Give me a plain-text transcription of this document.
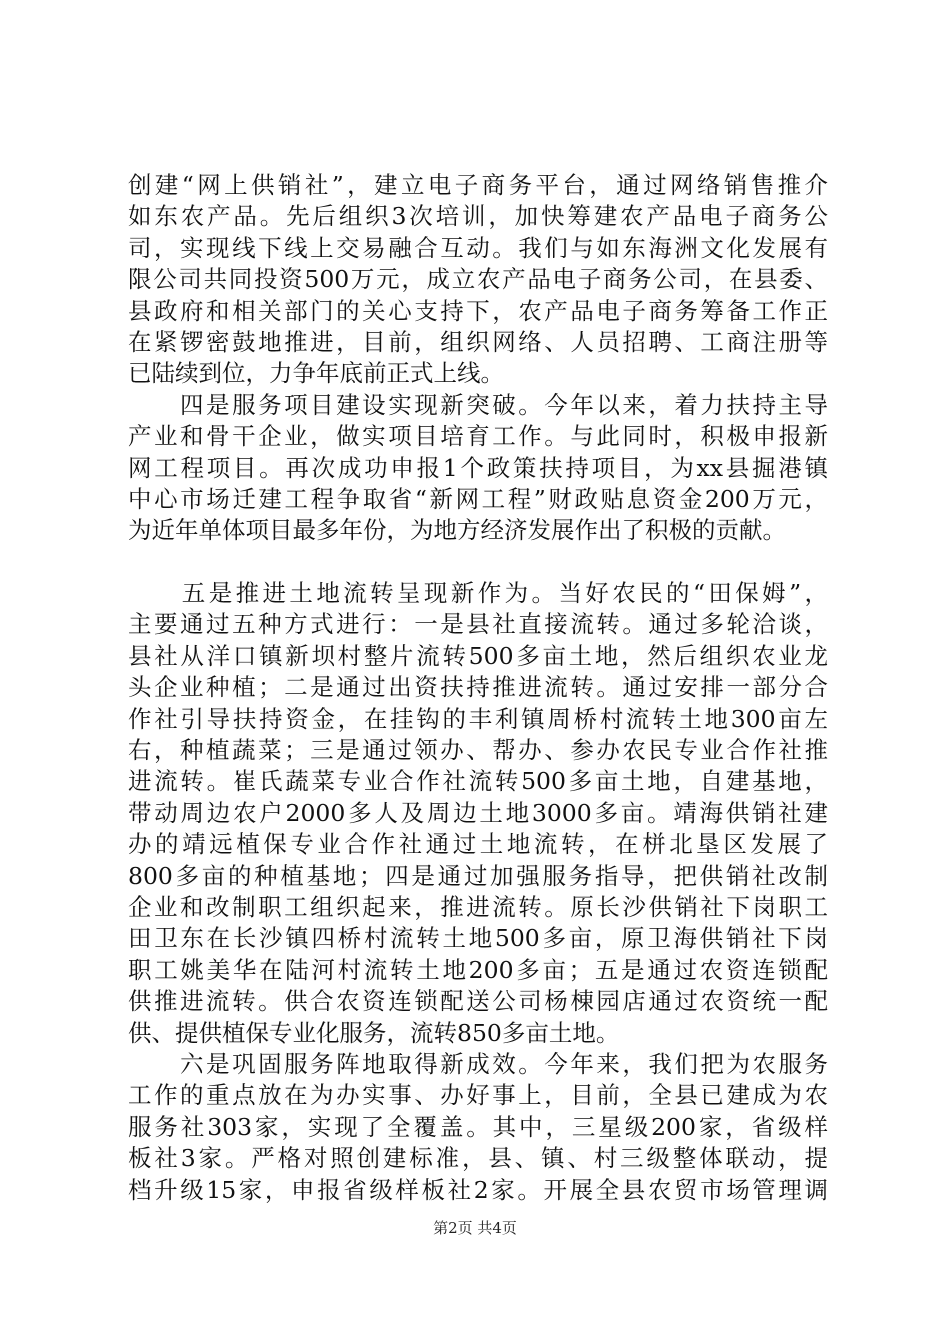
创建“网上供销社”，建立电子商务平台，通过网络销售推介
如东农产品。先后组织3次培训，加快筹建农产品电子商务公
司，实现线下线上交易融合互动。我们与如东海洲文化发展有
限公司共同投资500万元，成立农产品电子商务公司，在县委、
县政府和相关部门的关心支持下，农产品电子商务筹备工作正
在紧锣密鼓地推进，目前，组织网络、人员招聘、工商注册等
已陆续到位，力争年底前正式上线。
　　四是服务项目建设实现新突破。今年以来，着力扶持主导
产业和骨干企业，做实项目培育工作。与此同时，积极申报新
网工程项目。再次成功申报1个政策扶持项目，为xx县掘港镇
中心市场迁建工程争取省“新网工程”财政贴息资金200万元，
为近年单体项目最多年份，为地方经济发展作出了积极的贡献。
　　五是推进土地流转呈现新作为。当好农民的“田保姆”，
主要通过五种方式进行：一是县社直接流转。通过多轮洽谈，
县社从洋口镇新坝村整片流转500多亩土地，然后组织农业龙
头企业种植；二是通过出资扶持推进流转。通过安排一部分合
作社引导扶持资金，在挂钩的丰利镇周桥村流转土地300亩左
右，种植蔬菜；三是通过领办、帮办、参办农民专业合作社推
进流转。崔氏蔬菜专业合作社流转500多亩土地，自建基地，
带动周边农户2000多人及周边土地3000多亩。靖海供销社建
办的靖远植保专业合作社通过土地流转，在栟北垦区发展了
800多亩的种植基地；四是通过加强服务指导，把供销社改制
企业和改制职工组织起来，推进流转。原长沙供销社下岗职工
田卫东在长沙镇四桥村流转土地500多亩，原卫海供销社下岗
职工姚美华在陆河村流转土地200多亩；五是通过农资连锁配
供推进流转。供合农资连锁配送公司杨棟园店通过农资统一配
供、提供植保专业化服务，流转850多亩土地。
　　六是巩固服务阵地取得新成效。今年来，我们把为农服务
工作的重点放在为办实事、办好事上，目前，全县已建成为农
服务社303家，实现了全覆盖。其中，三星级200家，省级样
板社3家。严格对照创建标准，县、镇、村三级整体联动，提
档升级15家，申报省级样板社2家。开展全县农贸市场管理调
第2页 共4页
